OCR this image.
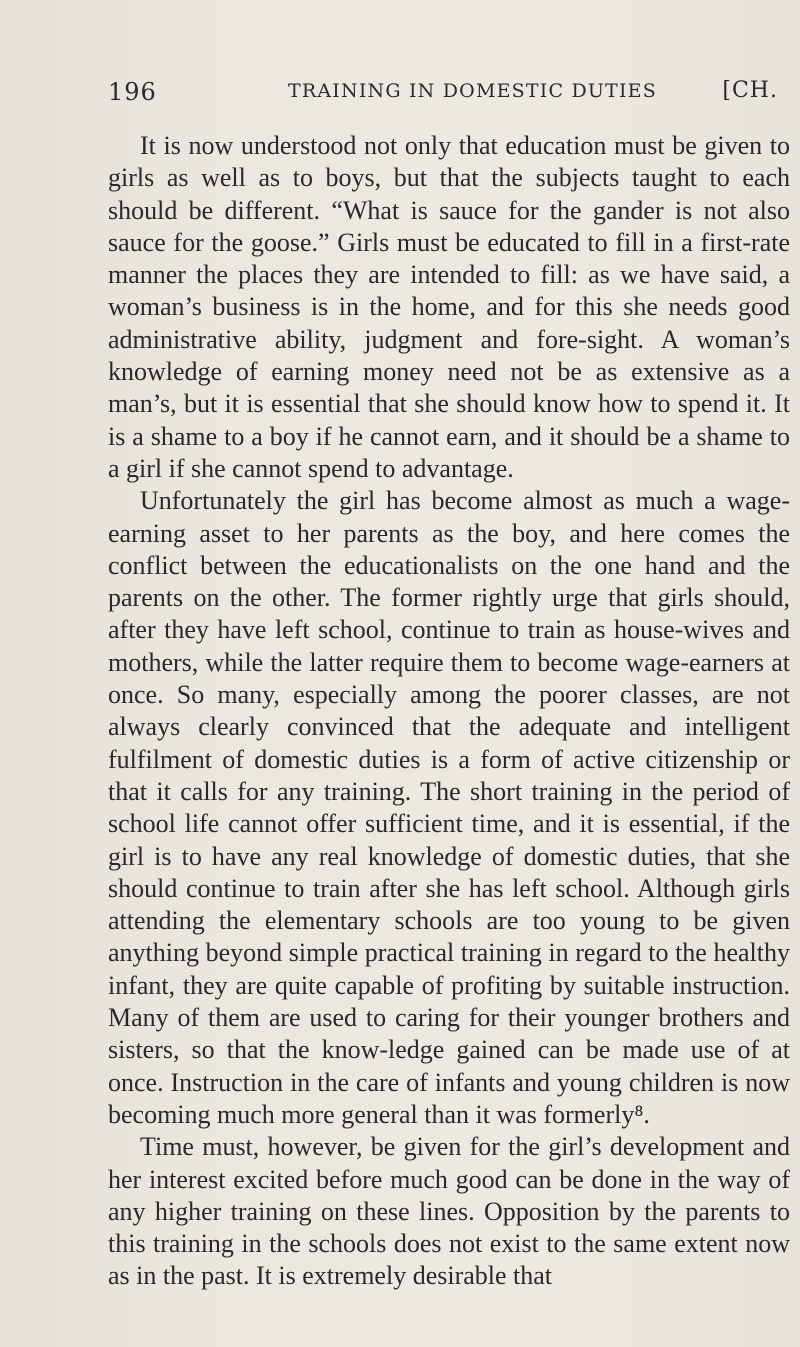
196	TRAINING IN DOMESTIC DUTIES	[CH.

It is now understood not only that education must be given to girls as well as to boys, but that the subjects taught to each should be different. “What is sauce for the gander is not also sauce for the goose.” Girls must be educated to fill in a first-rate manner the places they are intended to fill: as we have said, a woman’s business is in the home, and for this she needs good administrative ability, judgment and fore-sight. A woman’s knowledge of earning money need not be as extensive as a man’s, but it is essential that she should know how to spend it. It is a shame to a boy if he cannot earn, and it should be a shame to a girl if she cannot spend to advantage.

Unfortunately the girl has become almost as much a wage-earning asset to her parents as the boy, and here comes the conflict between the educationalists on the one hand and the parents on the other. The former rightly urge that girls should, after they have left school, continue to train as house-wives and mothers, while the latter require them to become wage-earners at once. So many, especially among the poorer classes, are not always clearly convinced that the adequate and intelligent fulfilment of domestic duties is a form of active citizenship or that it calls for any training. The short training in the period of school life cannot offer sufficient time, and it is essential, if the girl is to have any real knowledge of domestic duties, that she should continue to train after she has left school. Although girls attending the elementary schools are too young to be given anything beyond simple practical training in regard to the healthy infant, they are quite capable of profiting by suitable instruction. Many of them are used to caring for their younger brothers and sisters, so that the know-ledge gained can be made use of at once. Instruction in the care of infants and young children is now becoming much more general than it was formerly⁸.

Time must, however, be given for the girl’s development and her interest excited before much good can be done in the way of any higher training on these lines. Opposition by the parents to this training in the schools does not exist to the same extent now as in the past. It is extremely desirable that
